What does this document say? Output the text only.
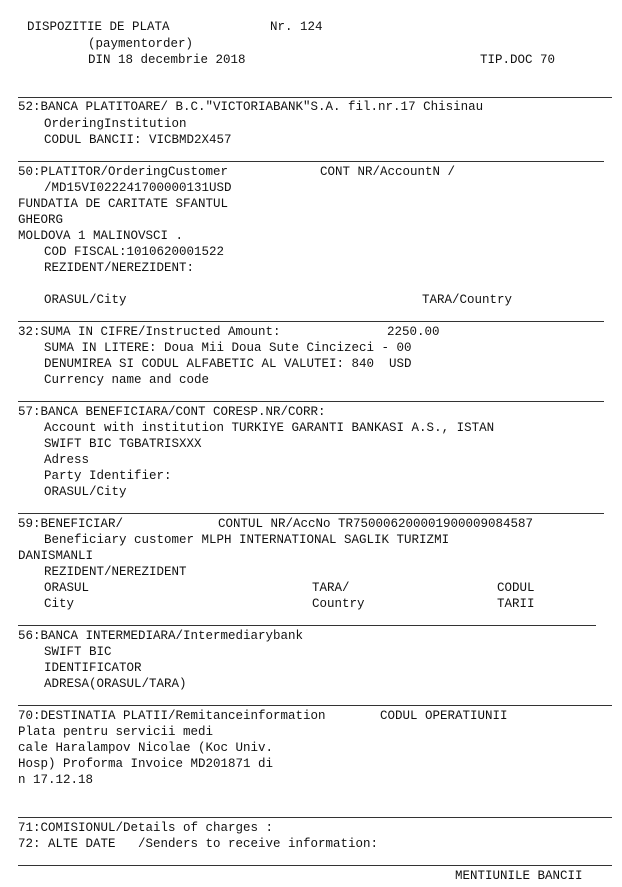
DISPOZITIE DE PLATA	Nr. 124
(paymentorder)
DIN 18 decembrie 2018	TIP.DOC 70
52:BANCA PLATITOARE/ B.C."VICTORIABANK"S.A. fil.nr.17 Chisinau
OrderingInstitution
CODUL BANCII: VICBMD2X457
50:PLATITOR/OrderingCustomer	CONT NR/AccountN /
/MD15VI022241700000131USD
FUNDATIA DE CARITATE SFANTUL
GHEORG
MOLDOVA 1 MALINOVSCI .
COD FISCAL:1010620001522
REZIDENT/NEREZIDENT:
ORASUL/City	TARA/Country
32:SUMA IN CIFRE/Instructed Amount:	2250.00
SUMA IN LITERE: Doua Mii Doua Sute Cincizeci - 00
DENUMIREA SI CODUL ALFABETIC AL VALUTEI: 840  USD
Currency name and code
57:BANCA BENEFICIARA/CONT CORESP.NR/CORR:
Account with institution TURKIYE GARANTI BANKASI A.S., ISTAN
SWIFT BIC TGBATRISXXX
Adress
Party Identifier:
ORASUL/City
59:BENEFICIAR/	CONTUL NR/AccNo TR750006200001900009084587
Beneficiary customer MLPH INTERNATIONAL SAGLIK TURIZMI
DANISMANLI
REZIDENT/NEREZIDENT
ORASUL	TARA/	CODUL
City	Country	TARII
56:BANCA INTERMEDIARA/Intermediarybank
SWIFT BIC
IDENTIFICATOR
ADRESA(ORASUL/TARA)
70:DESTINATIA PLATII/Remitanceinformation	CODUL OPERATIUNII
Plata pentru servicii medi
cale Haralampov Nicolae (Koc Univ.
Hosp) Proforma Invoice MD201871 di
n 17.12.18
71:COMISIONUL/Details of charges :
72: ALTE DATE   /Senders to receive information:
MENTIUNILE BANCII
